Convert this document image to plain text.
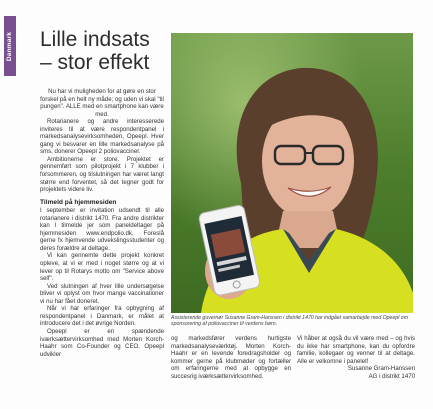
Danmark Lille indsats – stor effekt

Nu har vi muligheden for at gøre en stor forskel på en helt ny måde; og uden vi skal "til pungen". ALLE med en smartphone kan være med.

Rotarianere og andre interesserede inviteres til at være respondentpanel i markedsanalysevirksomheden, Opeepl. Hver gang vi besvarer en lille markedsanalyse på sms, donerer Opeepl 2 poliovacciner.

Ambitionerne er store. Projektet er gennemført som pilotprojekt i 7 klubber i forsommeren, og tilslutningen har været langt større end forventet, så det tegner godt for projektets videre liv.

Tilmeld på hjemmesiden

I september er invitation udsendt til alle rotarianere i distrikt 1470. Fra andre distrikter kan I tilmelde jer som paneldeltager på hjemmesiden www.endpolio.dk. Foreslå gerne fx hjemvende udvekslingsstudenter og deres forældre at deltage.

Vi kan gennemte dette projekt konkret opleve, at vi er med i noget større og at vi lever op til Rotarys motto om "Service above self".

Ved slutningen af hver lille undersøgelse bliver vi oplyst om hvor mange vaccinationer vi nu har fået doneret.

Når vi har erfaringer fra opbygning af respondentpanel i Danmark, er målet at introducere det i det øvrige Norden.

Opeepl er en spændende iværksættervirksomhed med Morten Korch-Haahr som Co-Founder og CEO. Opeepl udvikler

Assisterende guvernør Susanne Gram-Hanssen i distrikt 1470 har indgået samarbejde med Opeepl om sponsorering af poliovacciner til verdens børn.

og markedsfører verdens hurtigste markedsanalyseværktøj. Morten Korch-Haahr er en levende foredragsholder og kommer gerne på klubmøder og fortæller om erfaringerne med at opbygge en succesrig iværksættervirksomhed.

Vi håber at også du vil være med – og hvis du ikke har smartphone, kan du opfordre familie, kollegaer og venner til at deltage. Alle er velkomne i panelet!

Susanne Gram-Hanssen
AG i distrikt 1470
